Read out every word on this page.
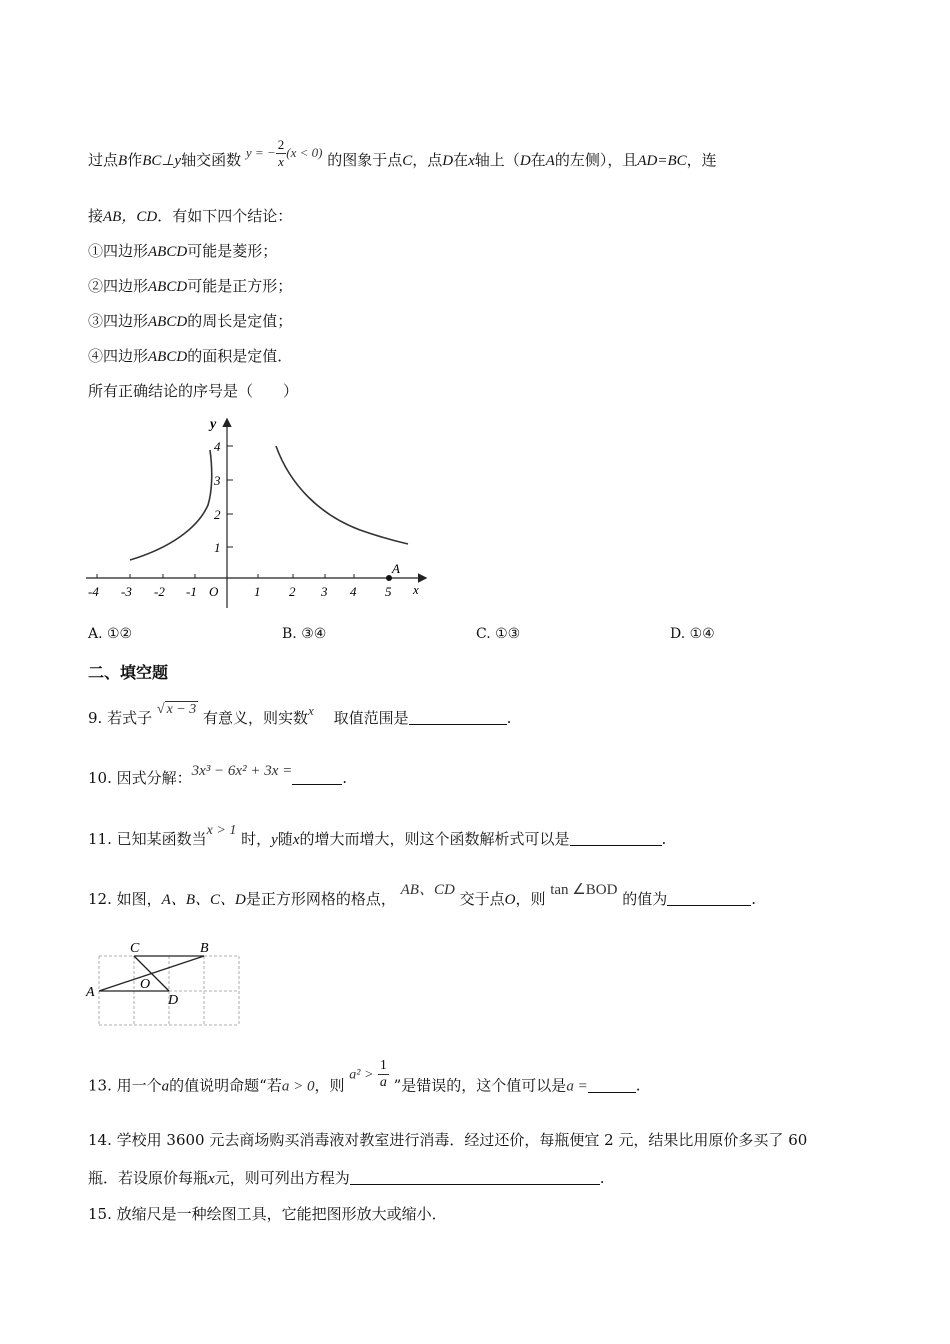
过点B作BC⊥y轴交函数 y = − $\frac{2}{x} (x < 0)$ 的图象于点C，点D在x轴上（D在A的左侧），且AD=BC，连
接AB，CD．有如下四个结论：
①四边形ABCD可能是菱形；
②四边形ABCD可能是正方形；
③四边形ABCD的周长是定值；
④四边形ABCD的面积是定值．
所有正确结论的序号是（　　）
y
x
O
-4 -3 -2 -1	1 2 3 4 5
1
2
3
4
A
A. ①②	B. ③④	C. ①③	D. ①④
二、填空题
9. 若式子 √ x − 3 有意义，则实数x　 取值范围是	.
10. 因式分解：3x³ − 6x² + 3x =	.
11. 已知某函数当x > 1 时，y随x的增大而增大，则这个函数解析式可以是	.
12. 如图，A、B、C、D是正方形网格的格点， AB、CD 交于点O，则 tan ∠BOD 的值为	.
A
B
C
D
O
13. 用一个a的值说明命题“若a > 0，则 $a^2 > \frac{1}{a}$ ”是错误的，这个值可以是a =	.
14. 学校用 3600 元去商场购买消毒液对教室进行消毒．经过还价，每瓶便宜 2 元，结果比用原价多买了 60
瓶．若设原价每瓶x元，则可列出方程为	.
15. 放缩尺是一种绘图工具，它能把图形放大或缩小．
